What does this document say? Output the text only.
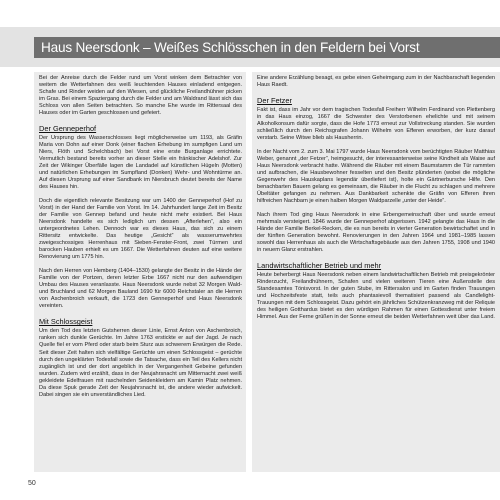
Haus Neersdonk – Weißes Schlösschen in den Feldern bei Vorst

Bei der Anreise durch die Felder rund um Vorst winken dem Betrachter von weitem die Wetterfahnen des weiß leuchtenden Hauses einladend entgegen. Schafe und Rinder weiden auf den Wiesen, und glückliche Freilandhühner picken im Gras. Bei einem Spaziergang durch die Felder und am Waldrand lässt sich das Schloss von allen Seiten betrachten. So manche Ehe wurde im Rittersaal des Hauses oder im Garten geschlossen und gefeiert.

Der Genneperhof

Der Ursprung des Wasserschlosses liegt möglicherweise um 1193, als Gräfin Maria von Dohn auf einer Donk (einer flachen Erhebung im sumpfigen Land um Niers, Flöth und Schelchbach) bei Vorst eine erste Burganlage errichtete. Vermutlich bestand bereits vorher an dieser Stelle ein fränkischer Adelshof. Zur Zeit der Wikinger Überfälle lagen die Landadel auf künstlichen Hügeln (Motten) und natürlichen Erhebungen im Sumpfland (Donken) Wehr- und Wohntürme an. Auf diesen Ursprung auf einer Sandbank im Niersbruch deutet bereits der Name des Hauses hin.

Doch die eigentlich relevante Besitzung war um 1400 der Genneperhof (Hof zu Vorst) in der Hand der Familie von Vorst. Im 14. Jahrhundert lange Zeit im Besitz der Familie von Gennep befand und heute nicht mehr existiert. Bei Haus Neersdonk handelte es sich lediglich um dessen „Afterlehen“, also ein untergeordnetes Lehen. Dennoch war es dieses Haus, das sich zu einem Rittersitz entwickelte. Das heutige „Gesicht“ als wasserumwehrtes zweigeschossiges Herrenhaus mit Sieben-Fenster-Front, zwei Türmen und barocken Hauben erhielt es um 1667. Die Wetterfahnen deuten auf eine weitere Renovierung um 1775 hin.

Nach den Herren von Hemberg (1404–1530) gelangte der Besitz in die Hände der Familie von der Portzen, deren letzter Erbe 1667 nicht nur den aufwendigen Umbau des Hauses veranlasste. Haus Neersdonk wurde nebst 32 Morgen Wald- und Bruchland und 62 Morgen Bauland 1690 für 6000 Reichstaler an die Herren von Aschenbroich verkauft, die 1723 den Genneperhof und Haus Neersdonk vereinten.

Mit Schlossgeist

Um den Tod des letzten Gutsherren dieser Linie, Ernst Anton von Aschenbroich, ranken sich dunkle Gerüchte. Im Jahre 1763 erstickte er auf der Jagd. Je nach Quelle fiel er vom Pferd oder starb beim Sturz aus schwerem Erwürgen die Rede. Seit dieser Zeit halten sich vielfältige Gerüchte um einen Schlossgeist – gerüchte durch den ungeklärten Todesfall sowie die Tatsache, dass ein Teil des Kellers nicht zugänglich ist und der dort angeblich in der Vergangenheit Gebeine gefunden wurden. Zudem wird erzählt, dass in der Neujahrsnacht um Mitternacht zwei weiß gekleidete Edelfrauen mit raschelnden Seidenkleidern am Kamin Platz nehmen. Da diese Spuk gerade Zeit der Neujahrsnacht ist, die andere wieder aufwickelt. Dabei singen sie ein unverständliches Lied.

Eine andere Erzählung besagt, es gebe einen Geheimgang zum in der Nachbarschaft liegenden Haus Raedt.

Der Fetzer

Fakt ist, dass im Jahr vor dem tragischen Todesfall Freiherr Wilhelm Ferdinand von Plettenberg in das Haus einzog, 1667 die Schwester des Verstorbenen ehelichte und mit seinem Alkoholkonsum dafür sorgte, dass die Hofe 1773 erneut zur Vollstreckung standen. Sie wurden schließlich durch den Reichsgrafen Johann Wilhelm von Efferen erworben, der kurz darauf verstarb. Seine Witwe blieb als Hausherrin.

In der Nacht vom 2. zum 3. Mai 1797 wurde Haus Neersdonk vom berüchtigten Räuber Matthias Weber, genannt „der Fetzer“, heimgesucht, der interessanterweise seine Kindheit als Waise auf Haus Neersdonk verbracht hatte. Während die Räuber mit einem Baumstamm die Tür rammten und aufbrachen, die Hausbewohner fesselten und den Besitz plünderten (wobei die mögliche Gegenwehr des Hauskaplans legendär überliefert ist), holte ein Gärtnerbursche Hilfe. Den benachbarten Bauern gelang es gemeinsam, die Räuber in die Flucht zu schlagen und mehrere Übeltäter gefangen zu nehmen. Aus Dankbarkeit schenkte die Gräfin von Efferen ihren hilfreichen Nachbarn je einen halben Morgen Waldparzelle „unter der Heide“.

Nach ihrem Tod ging Haus Neersdonk in eine Erbengemeinschaft über und wurde erneut mehrmals versteigert. 1846 wurde der Genneperhof abgerissen. 1942 gelangte das Haus in die Hände der Familie Berkel-Recken, die es nun bereits in vierter Generation bewirtschaftet und in der fünften Generation bewohnt. Renovierungen in den Jahren 1964 und 1981–1985 lassen sowohl das Herrenhaus als auch die Wirtschaftsgebäude aus den Jahren 1755, 1908 und 1940 in neuem Glanz erstrahlen.

Landwirtschaftlicher Betrieb und mehr

Heute beherbergt Haus Neersdonk neben einem landwirtschaftlichen Betrieb mit preisgekrönter Rinderzucht, Freilandhühnern, Schafen und vielen weiteren Tieren eine Außenstelle des Standesamtes Tönisvorst. In der guten Stube, im Rittersalon und im Garten finden Trauungen und Hochzeitsfeste statt, teils auch phantasievoll thematisiert passend als Candlelight-Trauungen mit dem Schlossgeist. Dazu gehört ein jährliches Schützenkranzweg mit der Reliquie des heiligen Gotthardus bietet es den würdigen Rahmen für einen Gottesdienst unter freiem Himmel. Aus der Ferne grüßen in der Sonne erneut die beiden Wetterfahnen weit über das Land.

50
